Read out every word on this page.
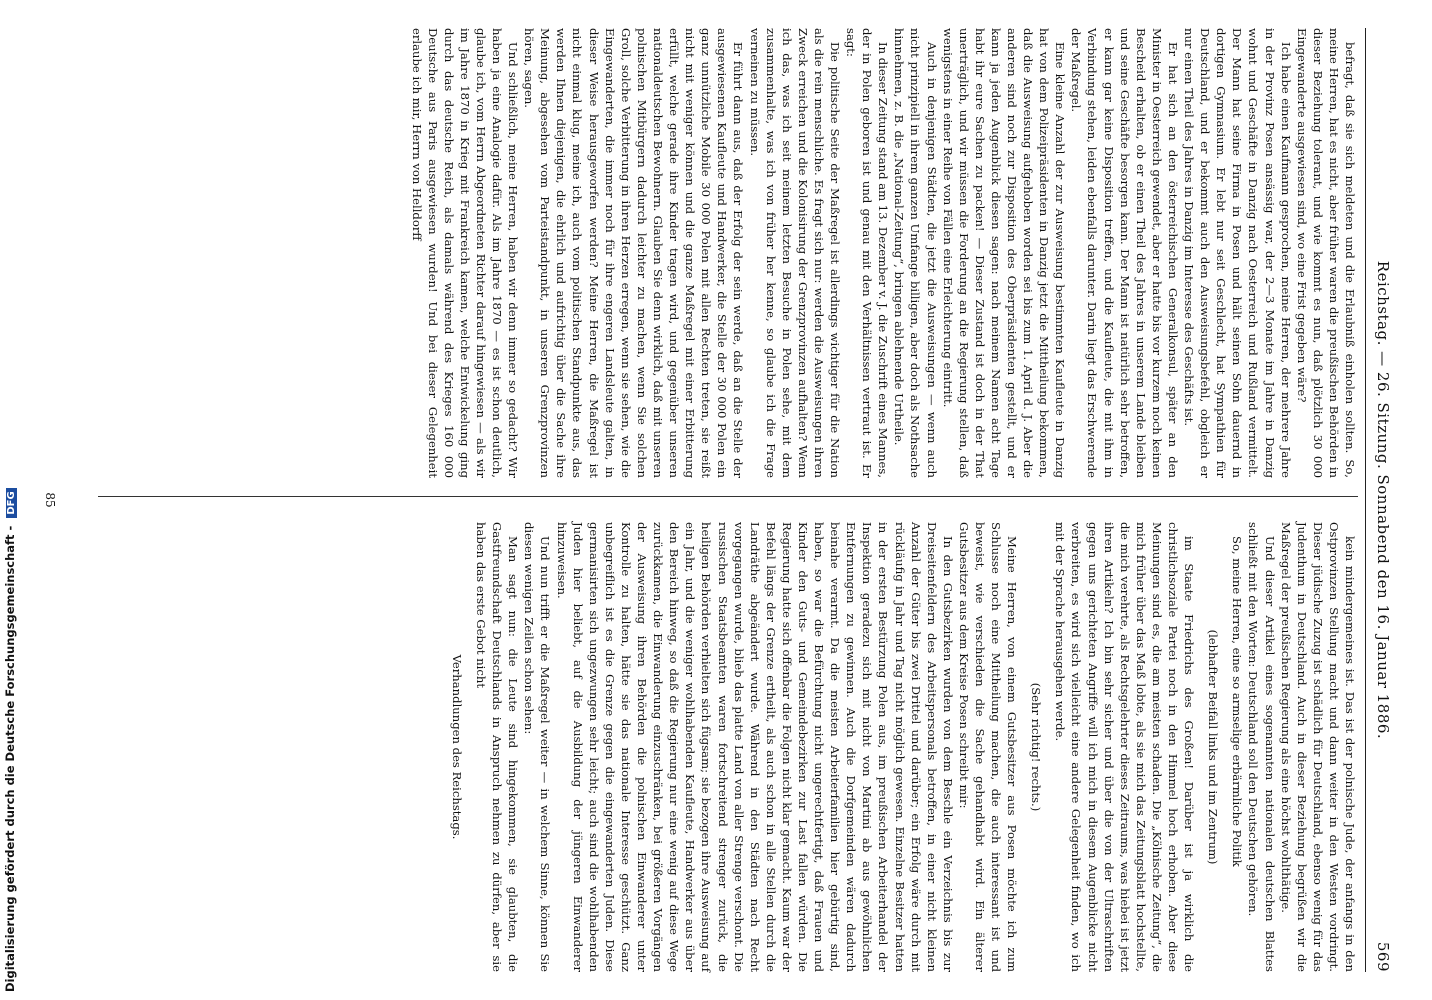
Reichstag. — 26. Sitzung. Sonnabend den 16. Januar 1886.
569

befragt, daß sie sich meldeten und die Erlaubniß einholen sollten. So, meine Herren, hat es nicht, aber früher waren die preußischen Behörden in dieser Beziehung tolerant, und wie kommt es nun, daß plötzlich 30 000 Eingewanderte ausgewiesen sind, wo eine Frist gegeben wäre?

Ich habe einen Kaufmann gesprochen, meine Herren, der mehrere Jahre in der Provinz Posen ansässig war, der 2—3 Monate im Jahre in Danzig wohnt und Geschäfte in Danzig nach Oesterreich und Rußland vermittelt. Der Mann hat seine Firma in Posen und hält seinen Sohn dauernd in dortigen Gymnasium. Er lebt nur seit Geschlecht, hat Sympathien für Deutschland, und er bekommt auch den Ausweisungsbefehl, obgleich er nur einen Theil des Jahres in Danzig im Interesse des Geschäfts ist.

Er hat sich an den österreichischen Generalkonsul, später an den Minister in Oesterreich gewendet, aber er hatte bis vor kurzem noch keinen Bescheid erhalten, ob er einen Theil des Jahres in unserem Lande bleiben und seine Geschäfte besorgen kann. Der Mann ist natürlich sehr betroffen, er kann gar keine Disposition treffen, und die Kaufleute, die mit ihm in Verbindung stehen, leiden ebenfalls darunter. Darin liegt das Erschwerende der Maßregel.

Eine kleine Anzahl der zur Ausweisung bestimmten Kaufleute in Danzig hat von dem Polizeipräsidenten in Danzig jetzt die Mittheilung bekommen, daß die Ausweisung aufgehoben worden sei bis zum 1. April d. J. Aber die anderen sind noch zur Disposition des Oberpräsidenten gestellt, und er kann ja jeden Augenblick diesen sagen: nach meinem Namen acht Tage habt ihr eure Sachen zu packen! — Dieser Zustand ist doch in der That unerträglich, und wir müssen die Forderung an die Regierung stellen, daß wenigstens in einer Reihe von Fällen eine Erleichterung eintritt.

Auch in denjenigen Städten, die jetzt die Ausweisungen — wenn auch nicht prinzipiell in ihrem ganzen Umfange billigen, aber doch als Nothsache hinnehmen, z. B. die „National-Zeitung“, bringen ablehnende Urtheile.

In dieser Zeitung stand am 13. Dezember v. J. die Zuschrift eines Mannes, der in Polen geboren ist und genau mit den Verhältnissen vertraut ist. Er sagt:

Die politische Seite der Maßregel ist allerdings wichtiger für die Nation als die rein menschliche. Es fragt sich nur: werden die Ausweisungen ihren Zweck erreichen und die Kolonisirung der Grenzprovinzen aufhalten? Wenn ich das, was ich seit meinem letzten Besuche in Polen sehe, mit dem zusammenhalte, was ich von früher her kenne, so glaube ich die Frage verneinen zu müssen.

Er führt dann aus, daß der Erfolg der sein werde, daß an die Stelle der ausgewiesenen Kaufleute und Handwerker, die Stelle der 30 000 Polen ein ganz unnützliche Mobile 30 000 Polen mit allen Rechten treten, sie reißt nicht mit weniger können und die ganze Maßregel mit einer Erbitterung erfüllt, welche gerade ihre Kinder tragen wird, und gegenüber unseren nationaldeutschen Bewohnern. Glauben Sie denn wirklich, daß mit unseren polnischen Mitbürgern dadurch leichter zu machen, wenn Sie solchen Groll, solche Verbitterung in ihren Herzen erregen, wenn sie sehen, wie die Eingewanderten, die immer noch für ihre engeren Landsleute galten, in dieser Weise herausgeworfen werden? Meine Herren, die Maßregel ist nicht einmal klug, meine ich, auch vom politischen Standpunkte aus, das werden Ihnen diejenigen, die ehrlich und aufrichtig über die Sache ihre Meinung, abgesehen vom Parteistandpunkt, in unseren Grenzprovinzen hören, sagen.

Und schließlich, meine Herren, haben wir denn immer so gedacht? Wir haben ja eine Analogie dafür. Als im Jahre 1870 — es ist schon deutlich, glaube ich, vom Herrn Abgeordneten Richter darauf hingewiesen — als wir im Jahre 1870 in Krieg mit Frankreich kamen, welche Entwickelung ging durch das deutsche Reich, als damals während des Krieges 160 000 Deutsche aus Paris ausgewiesen wurden! Und bei dieser Gelegenheit erlaube ich mir, Herrn von Helldorff

kein mindergemeines ist. Das ist der polnische Jude, der anfangs in den Ostprovinzen Stellung macht und dann weiter in den Westen vordringt. Dieser jüdische Zuzug ist schädlich für Deutschland, ebenso wenig für das Judenthum in Deutschland. Auch in dieser Beziehung begrüßen wir die Maßregel der preußischen Regierung als eine höchst wohlthätige.

Und dieser Artikel eines sogenannten nationalen deutschen Blattes schließt mit den Worten: Deutschland soll den Deutschen gehören.

So, meine Herren, eine so armselige erbärmliche Politik

(lebhafter Beifall links und im Zentrum)

im Staate Friedrichs des Großen! Darüber ist ja wirklich die christlichsoziale Partei noch in den Himmel hoch erhoben. Aber diese Meinungen sind es, die am meisten schaden. Die „Kölnische Zeitung“, die mich früher über das Maß lobte, als sie mich das Zeitungsblatt hochstellte, die mich verehrte, als Rechtsgelehrter dieses Zeitraums, was hiebei ist jetzt ihren Artikeln? Ich bin sehr sicher und über die von der Ultraschriften gegen uns gerichteten Angriffe will ich mich in diesem Augenblicke nicht verbreiten, es wird sich vielleicht eine andere Gelegenheit finden, wo ich mit der Sprache herausgehen werde.

(Sehr richtig! rechts.)

Meine Herren, von einem Gutsbesitzer aus Posen möchte ich zum Schlusse noch eine Mittheilung machen, die auch interessant ist und beweist, wie verschieden die Sache gehandhabt wird. Ein älterer Gutsbesitzer aus dem Kreise Posen schreibt mir:

In den Gutsbezirken wurden von dem Beschle ein Verzeichnis bis zur Dreiseitenfeldern des Arbeitspersonals betroffen, in einer nicht kleinen Anzahl der Güter bis zwei Drittel und darüber; ein Erfolg wäre durch mit rückläufig in Jahr und Tag nicht möglich gewesen. Einzelne Besitzer hatten in der ersten Bestürzung Polen aus, im preußischen Arbeiterhandel der Inspektion geradezu sich mit nicht von Martini ab aus gewöhnlichen Entfernungen zu gewinnen. Auch die Dorfgemeinden wären dadurch beinahe verarmt. Da die meisten Arbeiterfamilien hier gebürtig sind, haben, so war die Befürchtung nicht ungerechtfertigt, daß Frauen und Kinder den Guts- und Gemeindebezirken zur Last fallen würden. Die Regierung hatte sich offenbar die Folgen nicht klar gemacht. Kaum war der Befehl längs der Grenze ertheilt, als auch schon in alle Stellen durch die Landräthe abgeändert wurde. Während in den Städten nach Recht vorgegangen wurde, blieb das platte Land von aller Strenge verschont. Die russischen Staatsbeamten waren fortschreitend strenger zurück, die heiligen Behörden verhielten sich fügsam; sie bezogen ihre Ausweisung auf ein Jahr, und die weniger wohlhabenden Kaufleute, Handwerker aus über den Bereich hinweg, so daß die Regierung nur eine wenig auf diese Wege zurückkamen, die Einwanderung einzuschränken, bei größeren Vorgängen der Ausweisung ihren Behörden die polnischen Einwanderer unter Kontrolle zu halten, hätte sie das nationale Interesse geschützt. Ganz unbegreiflich ist es die Grenze gegen die eingewanderten Juden. Diese germanisirten sich ungezwungen sehr leicht; auch sind die wohlhabenden Juden hier beliebt, auf die Ausbildung der jüngeren Einwanderer hinzuweisen.

Und nun trifft er die Maßregel weiter — in welchem Sinne, können Sie diesen wenigen Zeilen schon sehen:

Man sagt nun: die Leute sind hingekommen, sie glaubten, die Gastfreundschaft Deutschlands in Anspruch nehmen zu dürfen, aber sie haben das erste Gebot nicht

Verhandlungen des Reichstags.

85
Digitalisierung gefördert durch die Deutsche Forschungsgemeinschaft - DFG
